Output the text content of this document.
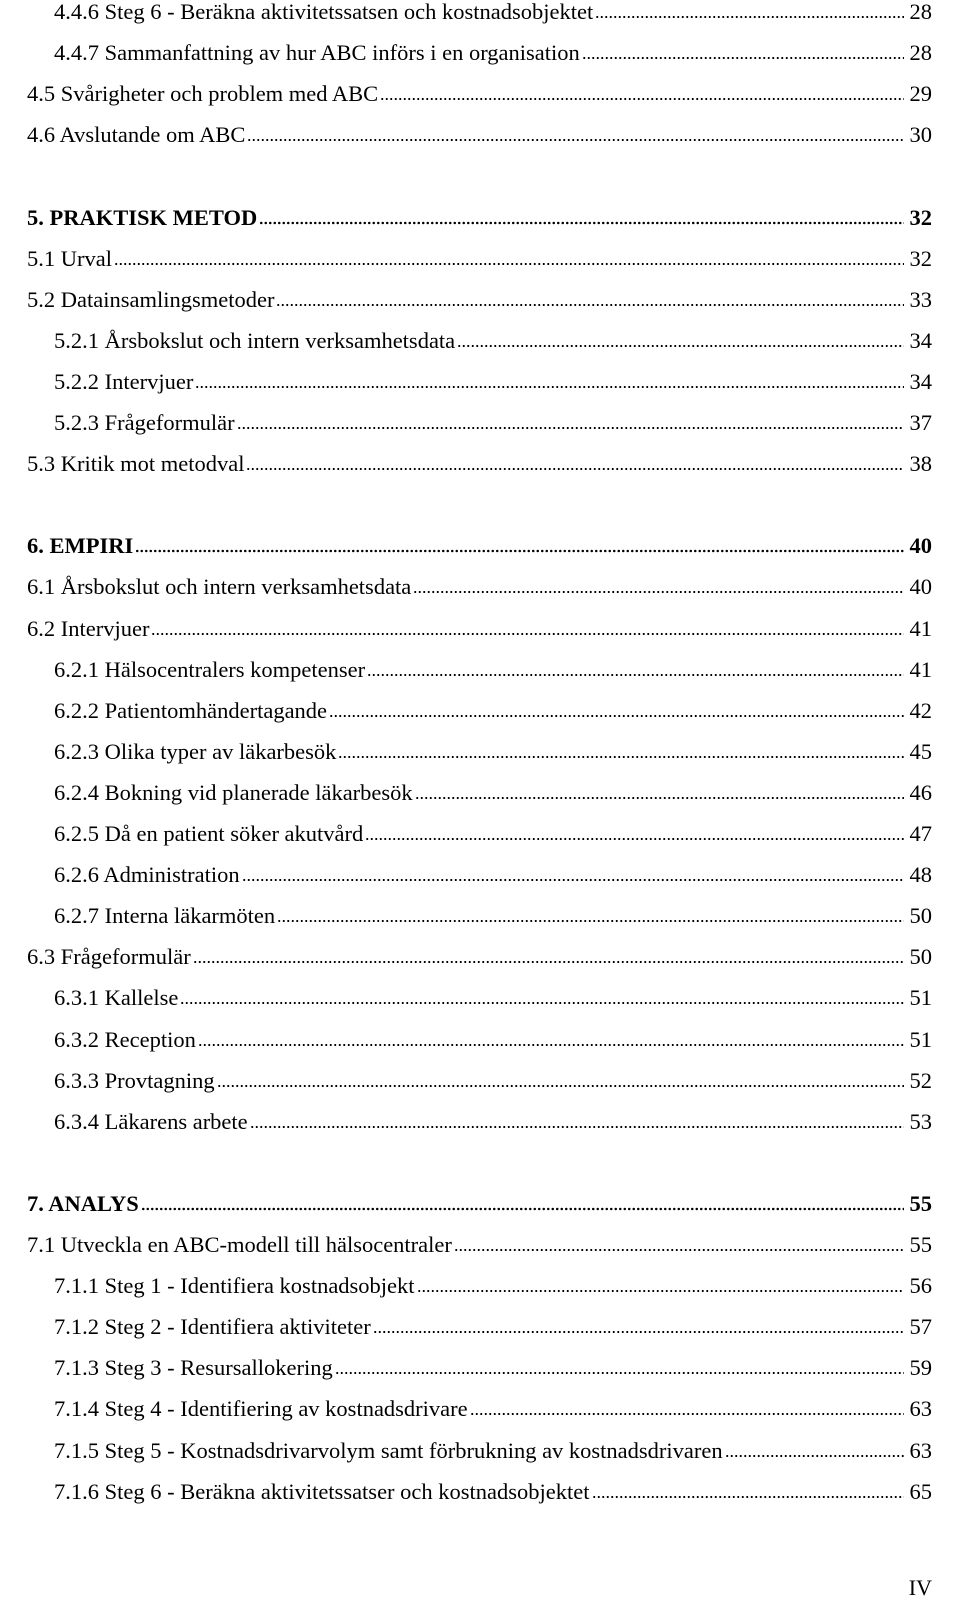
4.4.6 Steg 6 - Beräkna aktivitetssatsen och kostnadsobjektet	28
4.4.7 Sammanfattning av hur ABC införs i en organisation	28
4.5 Svårigheter och problem med ABC	29
4.6 Avslutande om ABC	30
5. PRAKTISK METOD	32
5.1 Urval	32
5.2 Datainsamlingsmetoder	33
5.2.1 Årsbokslut och intern verksamhetsdata	34
5.2.2 Intervjuer	34
5.2.3 Frågeformulär	37
5.3 Kritik mot metodval	38
6. EMPIRI	40
6.1 Årsbokslut och intern verksamhetsdata	40
6.2 Intervjuer	41
6.2.1 Hälsocentralers kompetenser	41
6.2.2 Patientomhändertagande	42
6.2.3 Olika typer av läkarbesök	45
6.2.4 Bokning vid planerade läkarbesök	46
6.2.5 Då en patient söker akutvård	47
6.2.6 Administration	48
6.2.7 Interna läkarmöten	50
6.3 Frågeformulär	50
6.3.1 Kallelse	51
6.3.2 Reception	51
6.3.3 Provtagning	52
6.3.4 Läkarens arbete	53
7. ANALYS	55
7.1 Utveckla en ABC-modell till hälsocentraler	55
7.1.1 Steg 1 - Identifiera kostnadsobjekt	56
7.1.2 Steg 2 - Identifiera aktiviteter	57
7.1.3 Steg 3 - Resursallokering	59
7.1.4 Steg 4 - Identifiering av kostnadsdrivare	63
7.1.5 Steg 5 - Kostnadsdrivarvolym samt förbrukning av kostnadsdrivaren	63
7.1.6 Steg 6 - Beräkna aktivitetssatser och kostnadsobjektet	65
IV
